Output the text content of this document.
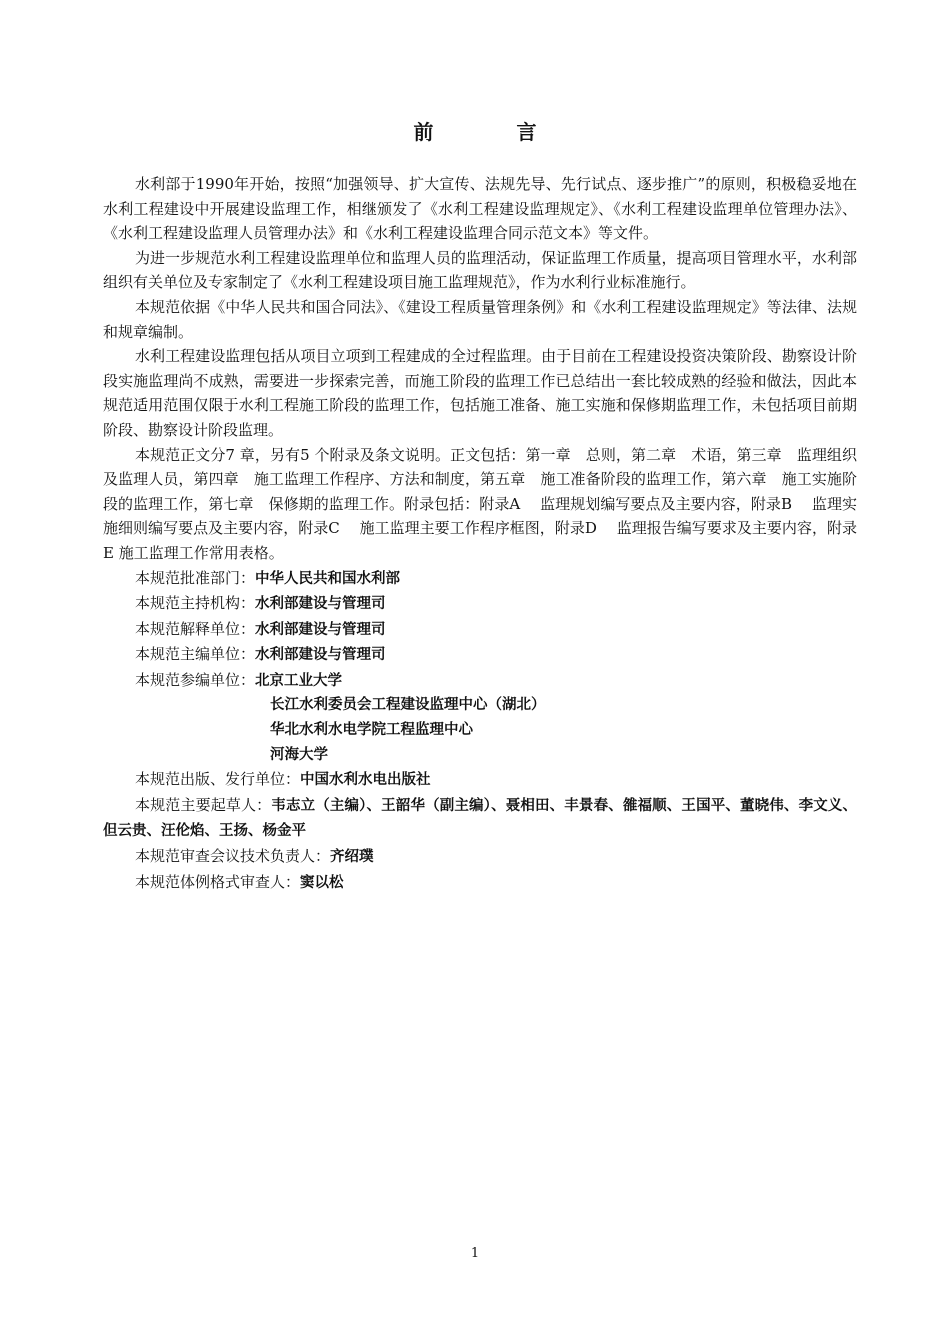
前 言

水利部于1990年开始，按照“加强领导、扩大宣传、法规先导、先行试点、逐步推广”的原则，积极稳妥地在水利工程建设中开展建设监理工作，相继颁发了《水利工程建设监理规定》、《水利工程建设监理单位管理办法》、《水利工程建设监理人员管理办法》和《水利工程建设监理合同示范文本》等文件。

为进一步规范水利工程建设监理单位和监理人员的监理活动，保证监理工作质量，提高项目管理水平，水利部组织有关单位及专家制定了《水利工程建设项目施工监理规范》，作为水利行业标准施行。

本规范依据《中华人民共和国合同法》、《建设工程质量管理条例》和《水利工程建设监理规定》等法律、法规和规章编制。

水利工程建设监理包括从项目立项到工程建成的全过程监理。由于目前在工程建设投资决策阶段、勘察设计阶段实施监理尚不成熟，需要进一步探索完善，而施工阶段的监理工作已总结出一套比较成熟的经验和做法，因此本规范适用范围仅限于水利工程施工阶段的监理工作，包括施工准备、施工实施和保修期监理工作，未包括项目前期阶段、勘察设计阶段监理。

本规范正文分7 章，另有5 个附录及条文说明。正文包括：第一章　总则，第二章　术语，第三章　监理组织及监理人员，第四章　施工监理工作程序、方法和制度，第五章　施工准备阶段的监理工作，第六章　施工实施阶段的监理工作，第七章　保修期的监理工作。附录包括：附录A　 监理规划编写要点及主要内容，附录B　 监理实施细则编写要点及主要内容，附录C　 施工监理主要工作程序框图，附录D　 监理报告编写要求及主要内容，附录E 施工监理工作常用表格。

本规范批准部门：中华人民共和国水利部
本规范主持机构：水利部建设与管理司
本规范解释单位：水利部建设与管理司
本规范主编单位：水利部建设与管理司
本规范参编单位：北京工业大学
长江水利委员会工程建设监理中心（湖北）
华北水利水电学院工程监理中心
河海大学
本规范出版、发行单位：中国水利水电出版社

本规范主要起草人：韦志立（主编）、王韶华（副主编）、聂相田、丰景春、雒福顺、王国平、董晓伟、李文义、但云贵、汪伦焰、王扬、杨金平

本规范审查会议技术负责人：齐绍璞
本规范体例格式审查人：窦以松
1
